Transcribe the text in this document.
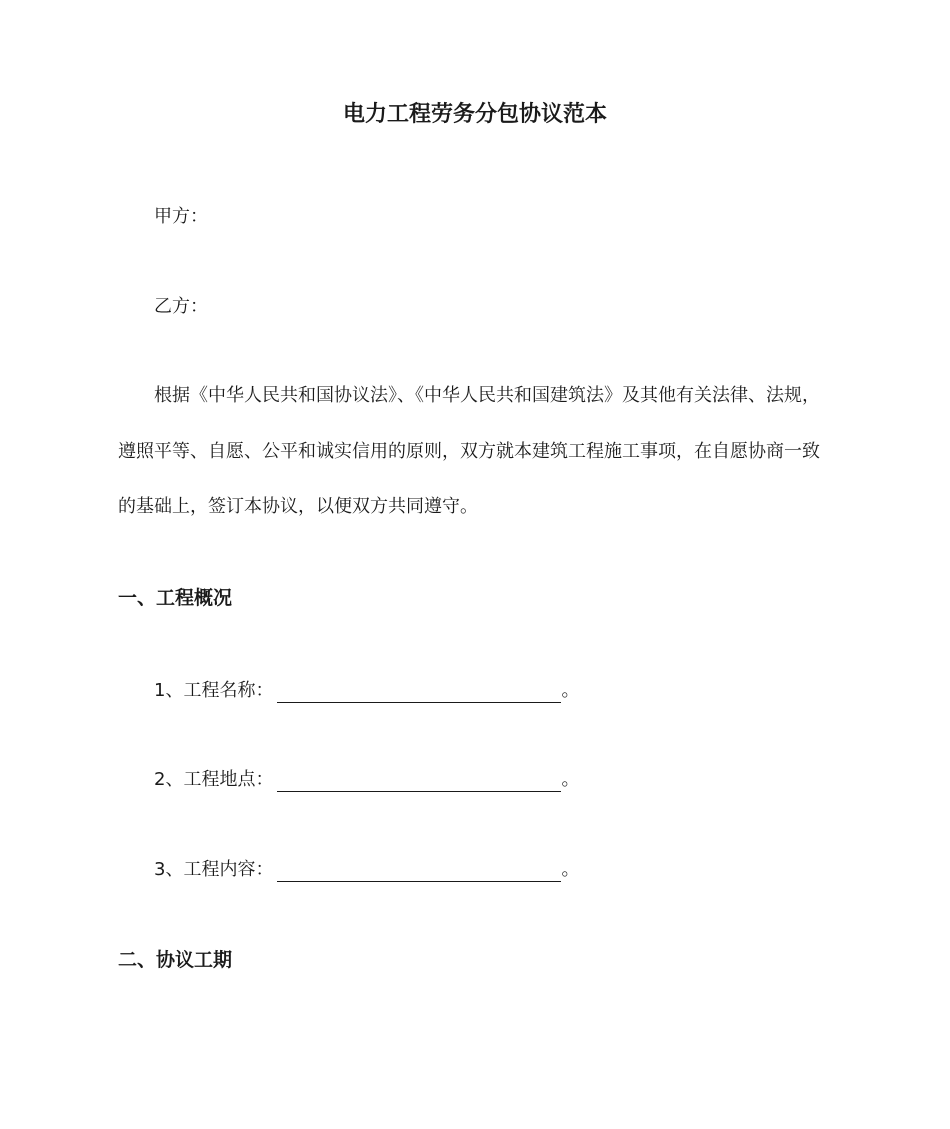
电力工程劳务分包协议范本
甲方：
乙方：
根据《中华人民共和国协议法》、《中华人民共和国建筑法》及其他有关法律、法规，
遵照平等、自愿、公平和诚实信用的原则，双方就本建筑工程施工事项，在自愿协商一致
的基础上，签订本协议，以便双方共同遵守。
一、工程概况
1、工程名称：	。
2、工程地点：	。
3、工程内容：	。
二、协议工期
